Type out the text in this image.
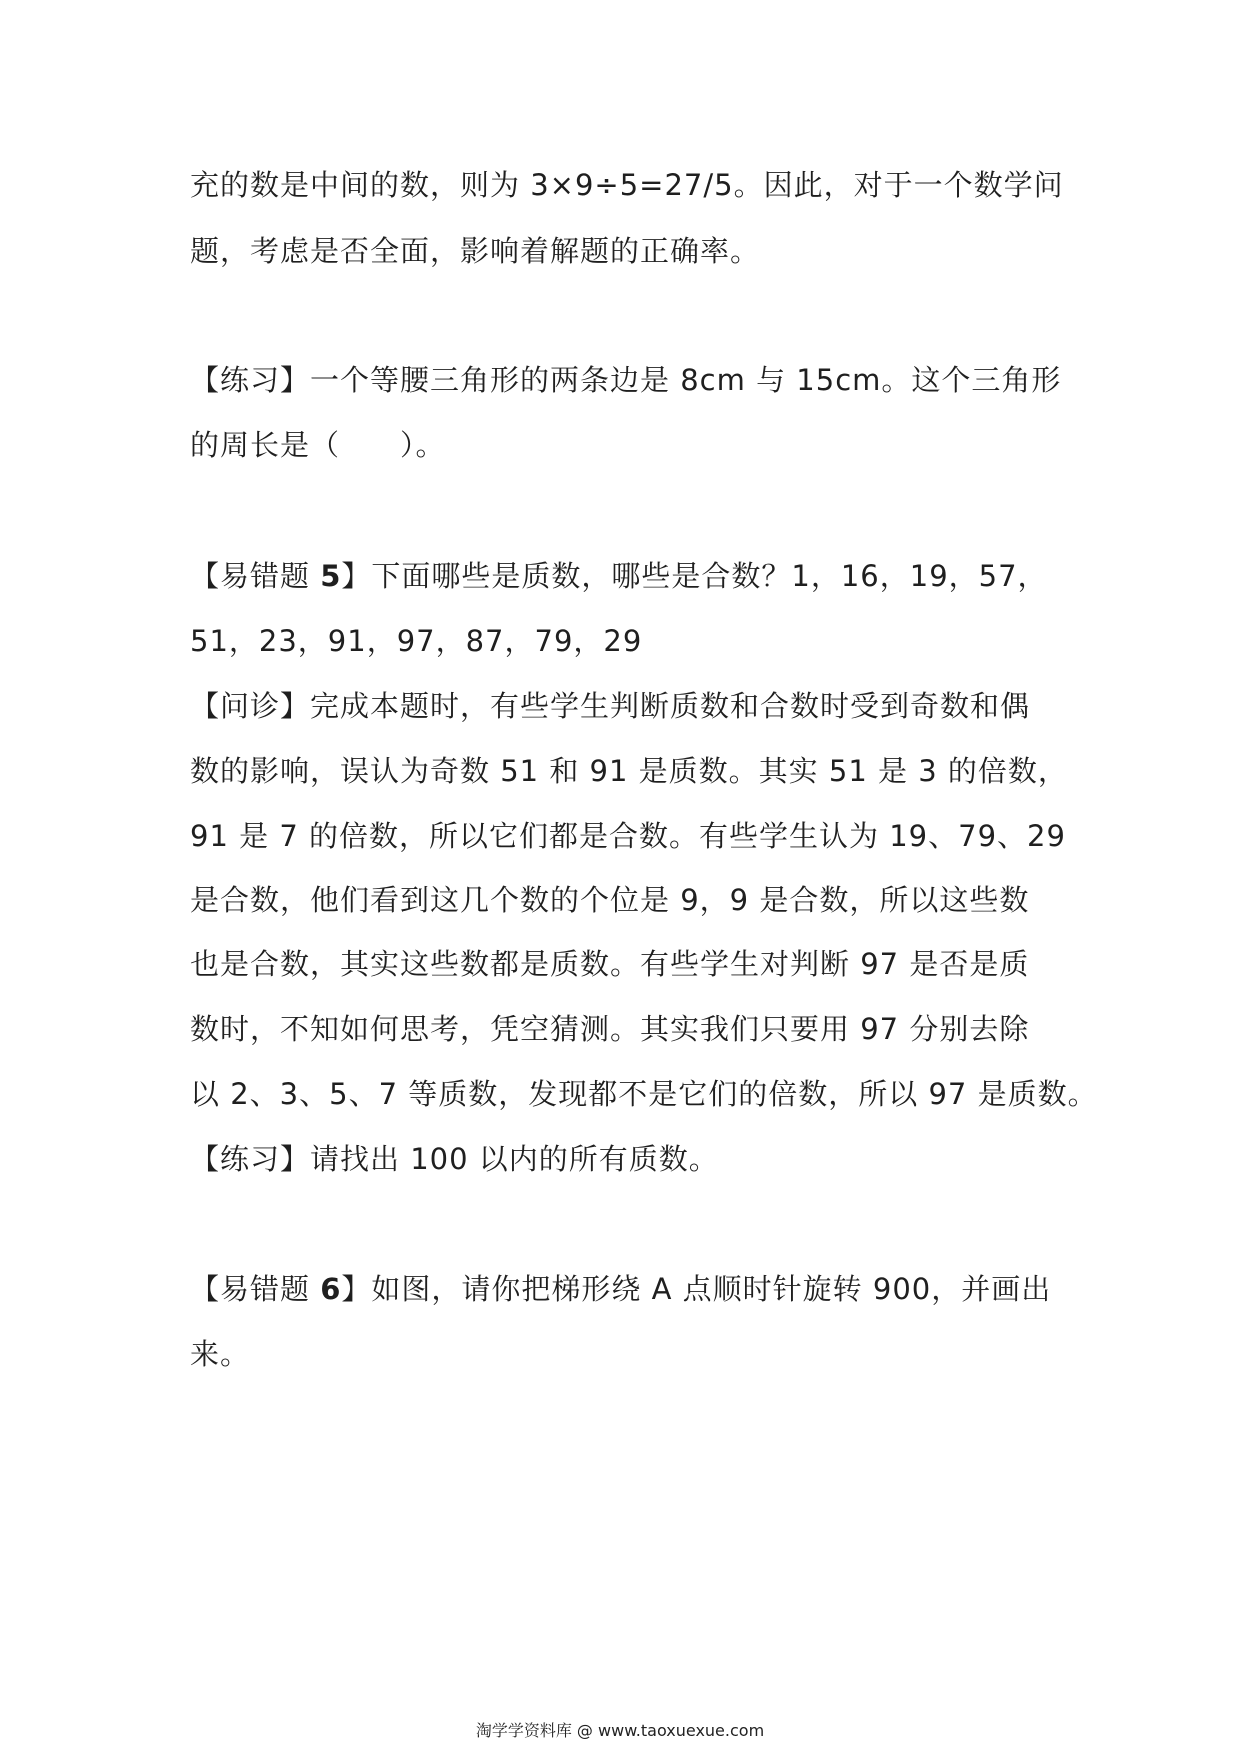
充的数是中间的数，则为 3×9÷5=27/5。因此，对于一个数学问
题，考虑是否全面，影响着解题的正确率。
【练习】一个等腰三角形的两条边是 8cm 与 15cm。这个三角形
的周长是（　　）。
【易错题 5】下面哪些是质数，哪些是合数？1，16，19，57，
51，23，91，97，87，79，29
【问诊】完成本题时，有些学生判断质数和合数时受到奇数和偶
数的影响，误认为奇数 51 和 91 是质数。其实 51 是 3 的倍数，
91 是 7 的倍数，所以它们都是合数。有些学生认为 19、79、29
是合数，他们看到这几个数的个位是 9，9 是合数，所以这些数
也是合数，其实这些数都是质数。有些学生对判断 97 是否是质
数时，不知如何思考，凭空猜测。其实我们只要用 97 分别去除
以 2、3、5、7 等质数，发现都不是它们的倍数，所以 97 是质数。
【练习】请找出 100 以内的所有质数。
【易错题 6】如图，请你把梯形绕 A 点顺时针旋转 900，并画出
来。
淘学学资料库 @ www.taoxuexue.com
